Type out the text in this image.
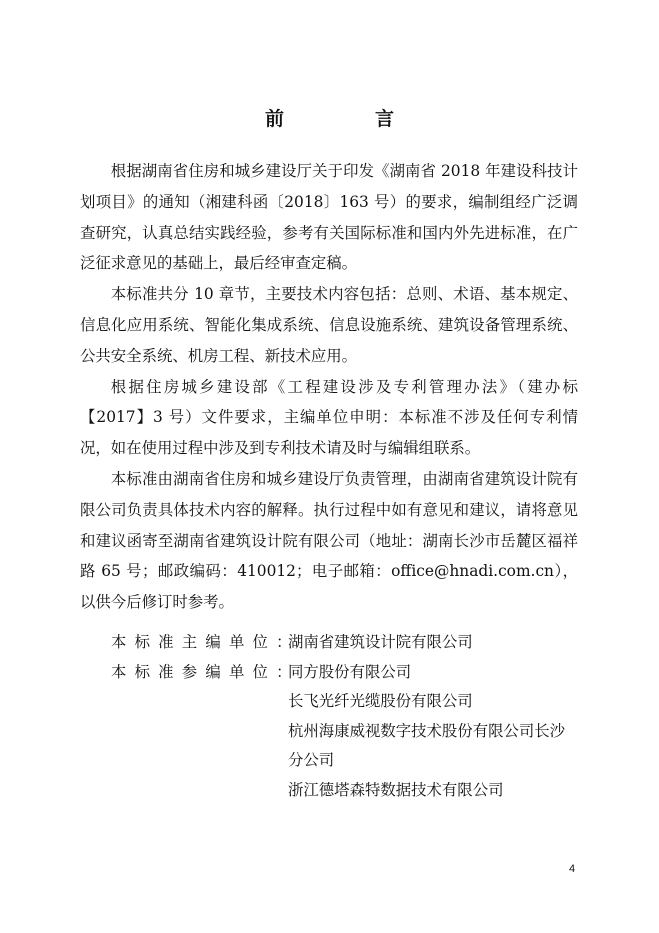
前　言

根据湖南省住房和城乡建设厅关于印发《湖南省 2018 年建设科技计划项目》的通知（湘建科函〔2018〕163 号）的要求，编制组经广泛调查研究，认真总结实践经验，参考有关国际标准和国内外先进标准，在广泛征求意见的基础上，最后经审查定稿。

本标准共分 10 章节，主要技术内容包括：总则、术语、基本规定、信息化应用系统、智能化集成系统、信息设施系统、建筑设备管理系统、公共安全系统、机房工程、新技术应用。

根据住房城乡建设部《工程建设涉及专利管理办法》（建办标【2017】3 号）文件要求，主编单位申明：本标准不涉及任何专利情况，如在使用过程中涉及到专利技术请及时与编辑组联系。

本标准由湖南省住房和城乡建设厅负责管理，由湖南省建筑设计院有限公司负责具体技术内容的解释。执行过程中如有意见和建议，请将意见和建议函寄至湖南省建筑设计院有限公司（地址：湖南长沙市岳麓区福祥路 65 号；邮政编码：410012；电子邮箱：office@hnadi.com.cn），以供今后修订时参考。

本标准主编单位：
湖南省建筑设计院有限公司
本标准参编单位：
同方股份有限公司
长飞光纤光缆股份有限公司
杭州海康威视数字技术股份有限公司长沙分公司
浙江德塔森特数据技术有限公司
4
